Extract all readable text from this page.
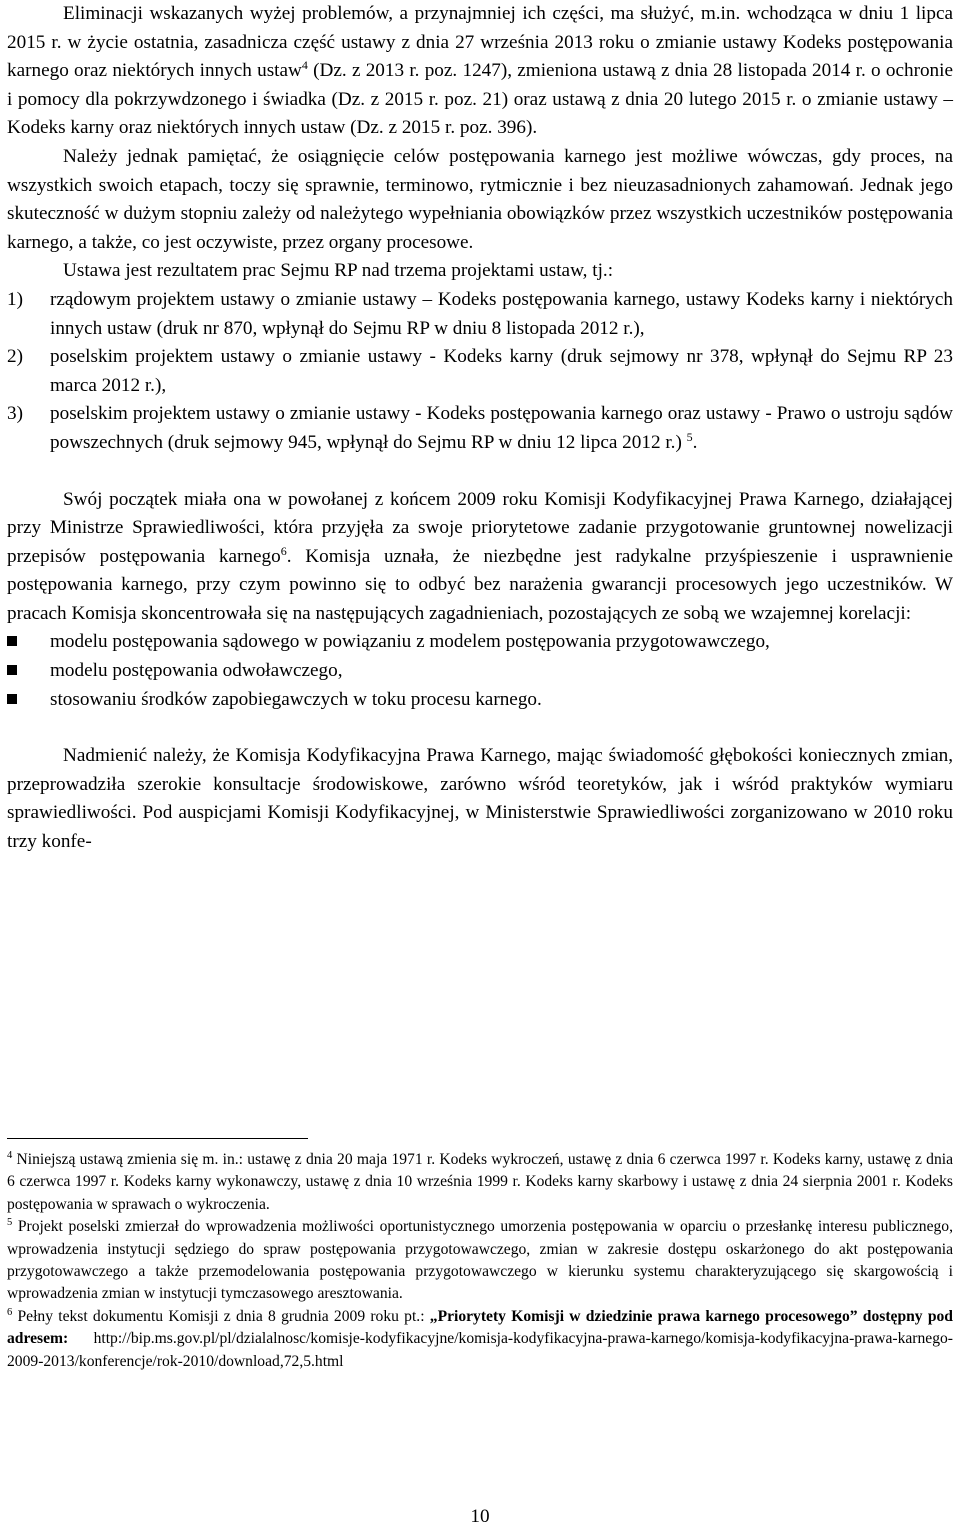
Eliminacji wskazanych wyżej problemów, a przynajmniej ich części, ma służyć, m.in. wchodząca w dniu 1 lipca 2015 r. w życie ostatnia, zasadnicza część ustawy z dnia 27 września 2013 roku o zmianie ustawy Kodeks postępowania karnego oraz niektórych innych ustaw$^4$ (Dz. z 2013 r. poz. 1247), zmieniona ustawą z dnia 28 listopada 2014 r. o ochronie i pomocy dla pokrzywdzonego i świadka (Dz. z 2015 r. poz. 21) oraz ustawą z dnia 20 lutego 2015 r. o zmianie ustawy – Kodeks karny oraz niektórych innych ustaw (Dz. z 2015 r. poz. 396).

Należy jednak pamiętać, że osiągnięcie celów postępowania karnego jest możliwe wówczas, gdy proces, na wszystkich swoich etapach, toczy się sprawnie, terminowo, rytmicznie i bez nieuzasadnionych zahamowań. Jednak jego skuteczność w dużym stopniu zależy od należytego wypełniania obowiązków przez wszystkich uczestników postępowania karnego, a także, co jest oczywiste, przez organy procesowe.

Ustawa jest rezultatem prac Sejmu RP nad trzema projektami ustaw, tj.:

1) rządowym projektem ustawy o zmianie ustawy – Kodeks postępowania karnego, ustawy Kodeks karny i niektórych innych ustaw (druk nr 870, wpłynął do Sejmu RP w dniu 8 listopada 2012 r.),
2) poselskim projektem ustawy o zmianie ustawy - Kodeks karny (druk sejmowy nr 378, wpłynął do Sejmu RP 23 marca 2012 r.),
3) poselskim projektem ustawy o zmianie ustawy - Kodeks postępowania karnego oraz ustawy - Prawo o ustroju sądów powszechnych (druk sejmowy 945, wpłynął do Sejmu RP w dniu 12 lipca 2012 r.) $^5$.

Swój początek miała ona w powołanej z końcem 2009 roku Komisji Kodyfikacyjnej Prawa Karnego, działającej przy Ministrze Sprawiedliwości, która przyjęła za swoje priorytetowe zadanie przygotowanie gruntownej nowelizacji przepisów postępowania karnego$^6$. Komisja uznała, że niezbędne jest radykalne przyśpieszenie i usprawnienie postępowania karnego, przy czym powinno się to odbyć bez narażenia gwarancji procesowych jego uczestników. W pracach Komisja skoncentrowała się na następujących zagadnieniach, pozostających ze sobą we wzajemnej korelacji:

modelu postępowania sądowego w powiązaniu z modelem postępowania przygotowawczego,
modelu postępowania odwoławczego,
stosowaniu środków zapobiegawczych w toku procesu karnego.

Nadmienić należy, że Komisja Kodyfikacyjna Prawa Karnego, mając świadomość głębokości koniecznych zmian, przeprowadziła szerokie konsultacje środowiskowe, zarówno wśród teoretyków, jak i wśród praktyków wymiaru sprawiedliwości. Pod auspicjami Komisji Kodyfikacyjnej, w Ministerstwie Sprawiedliwości zorganizowano w 2010 roku trzy konfe-

$^4$ Niniejszą ustawą zmienia się m. in.: ustawę z dnia 20 maja 1971 r. Kodeks wykroczeń, ustawę z dnia 6 czerwca 1997 r. Kodeks karny, ustawę z dnia 6 czerwca 1997 r. Kodeks karny wykonawczy, ustawę z dnia 10 września 1999 r. Kodeks karny skarbowy i ustawę z dnia 24 sierpnia 2001 r. Kodeks postępowania w sprawach o wykroczenia.

$^5$ Projekt poselski zmierzał do wprowadzenia możliwości oportunistycznego umorzenia postępowania w oparciu o przesłankę interesu publicznego, wprowadzenia instytucji sędziego do spraw postępowania przygotowawczego, zmian w zakresie dostępu oskarżonego do akt postępowania przygotowawczego a także przemodelowania postępowania przygotowawczego w kierunku systemu charakteryzującego się skargowością i wprowadzenia zmian w instytucji tymczasowego aresztowania.

$^6$ Pełny tekst dokumentu Komisji z dnia 8 grudnia 2009 roku pt.: „Priorytety Komisji w dziedzinie prawa karnego procesowego” dostępny pod adresem: http://bip.ms.gov.pl/pl/dzialalnosc/komisje-kodyfikacyjne/komisja-kodyfikacyjna-prawa-karnego/komisja-kodyfikacyjna-prawa-karnego-2009-2013/konferencje/rok-2010/download,72,5.html

10
